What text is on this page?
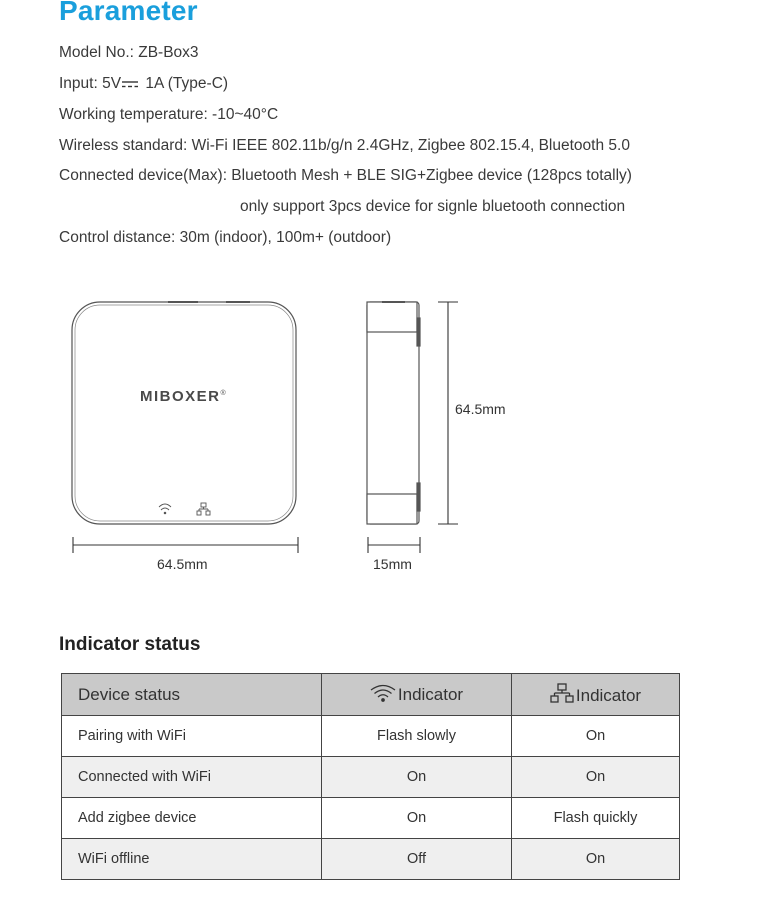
Parameter
Model No.: ZB-Box3
Input: 5V 1A (Type-C)
Working temperature: -10~40°C
Wireless standard: Wi-Fi IEEE 802.11b/g/n 2.4GHz, Zigbee 802.15.4, Bluetooth 5.0
Connected device(Max): Bluetooth Mesh + BLE SIG+Zigbee device (128pcs totally)
only support 3pcs device for signle bluetooth connection
Control distance: 30m (indoor), 100m+ (outdoor)
MIBOXER®
64.5mm
64.5mm
15mm
Indicator status
Device status	Indicator	Indicator
Pairing with WiFi	Flash slowly	On
Connected with WiFi	On	On
Add zigbee device	On	Flash quickly
WiFi offline	Off	On
